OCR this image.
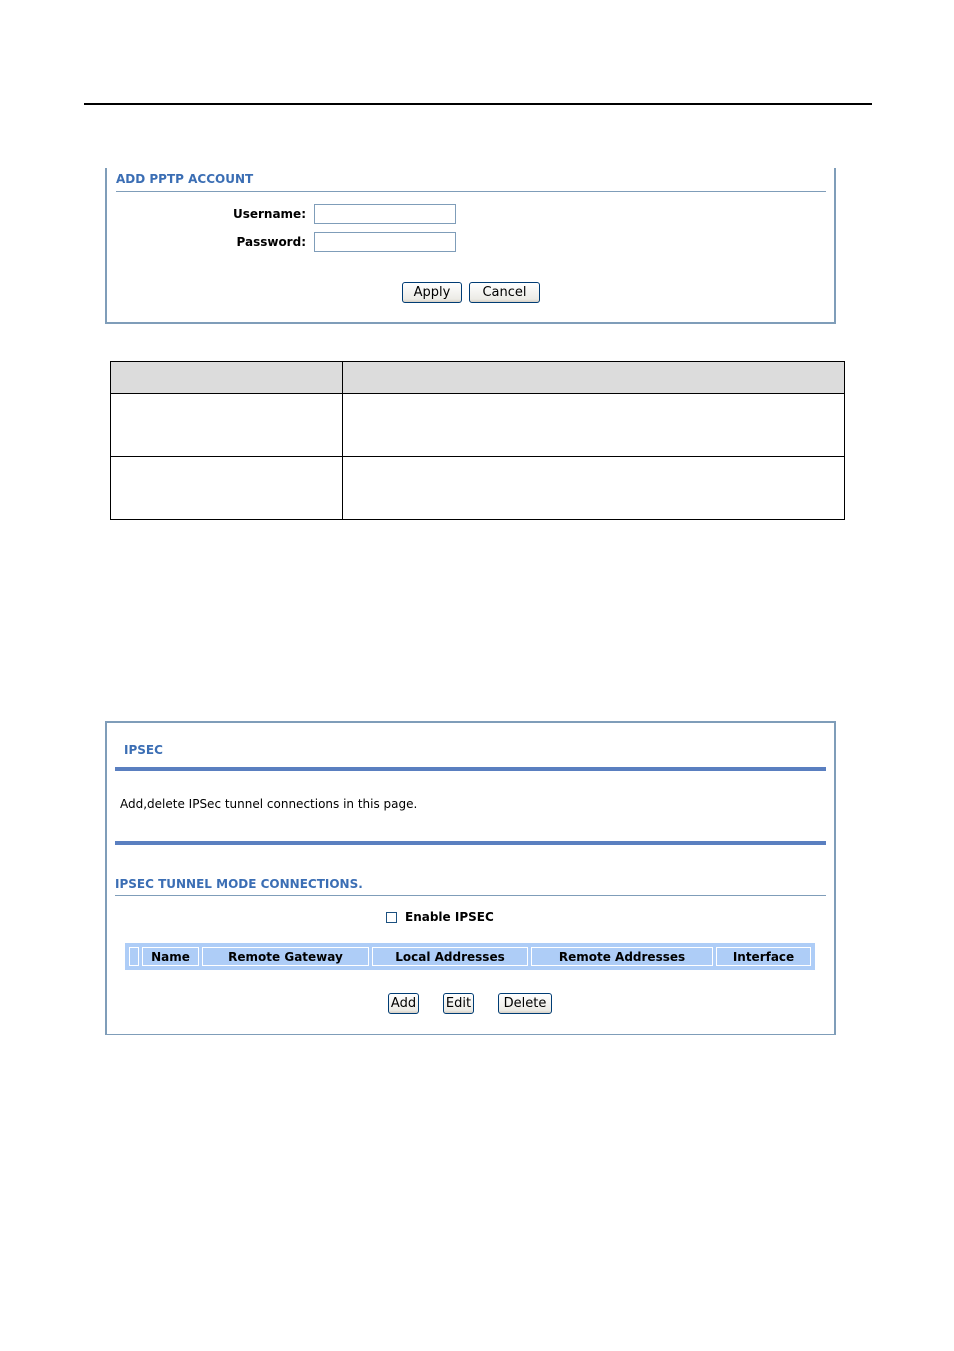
ADD PPTP ACCOUNT
Username:
Password:
Apply	Cancel

IPSEC
Add,delete IPSec tunnel connections in this page.
IPSEC TUNNEL MODE CONNECTIONS.
Enable IPSEC
	Name	Remote Gateway	Local Addresses	Remote Addresses	Interface
Add Edit	Delete
